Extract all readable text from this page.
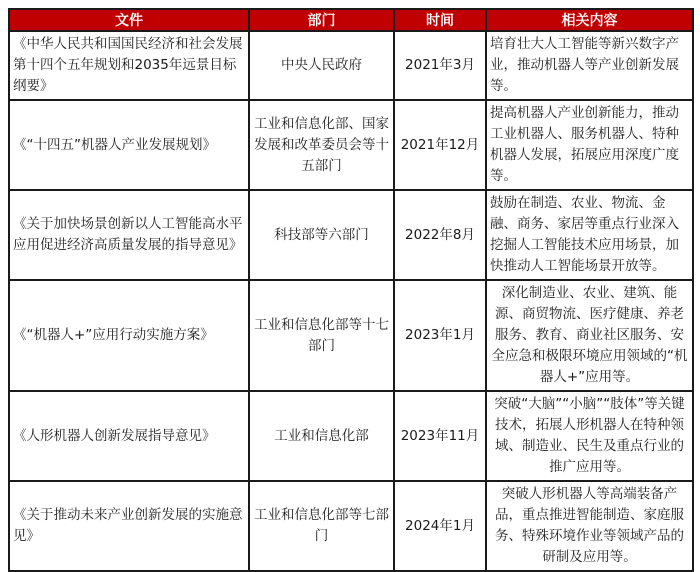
文件	部门	时间	相关内容
《中华人民共和国国民经济和社会发展第十四个五年规划和2035年远景目标纲要》	中央人民政府	2021年3月	培育壮大人工智能等新兴数字产业，推动机器人等产业创新发展等。
《“十四五”机器人产业发展规划》	工业和信息化部、国家发展和改革委员会等十五部门	2021年12月	提高机器人产业创新能力，推动工业机器人、服务机器人、特种机器人发展，拓展应用深度广度等。
《关于加快场景创新以人工智能高水平应用促进经济高质量发展的指导意见》	科技部等六部门	2022年8月	鼓励在制造、农业、物流、金融、商务、家居等重点行业深入挖掘人工智能技术应用场景，加快推动人工智能场景开放等。
《“机器人+”应用行动实施方案》	工业和信息化部等十七部门	2023年1月	深化制造业、农业、建筑、能源、商贸物流、医疗健康、养老服务、教育、商业社区服务、安全应急和极限环境应用领域的“机器人+”应用等。
《人形机器人创新发展指导意见》	工业和信息化部	2023年11月	突破“大脑”“小脑”“肢体”等关键技术，拓展人形机器人在特种领域、制造业、民生及重点行业的推广应用等。
《关于推动未来产业创新发展的实施意见》	工业和信息化部等七部门	2024年1月	突破人形机器人等高端装备产品，重点推进智能制造、家庭服务、特殊环境作业等领域产品的研制及应用等。
